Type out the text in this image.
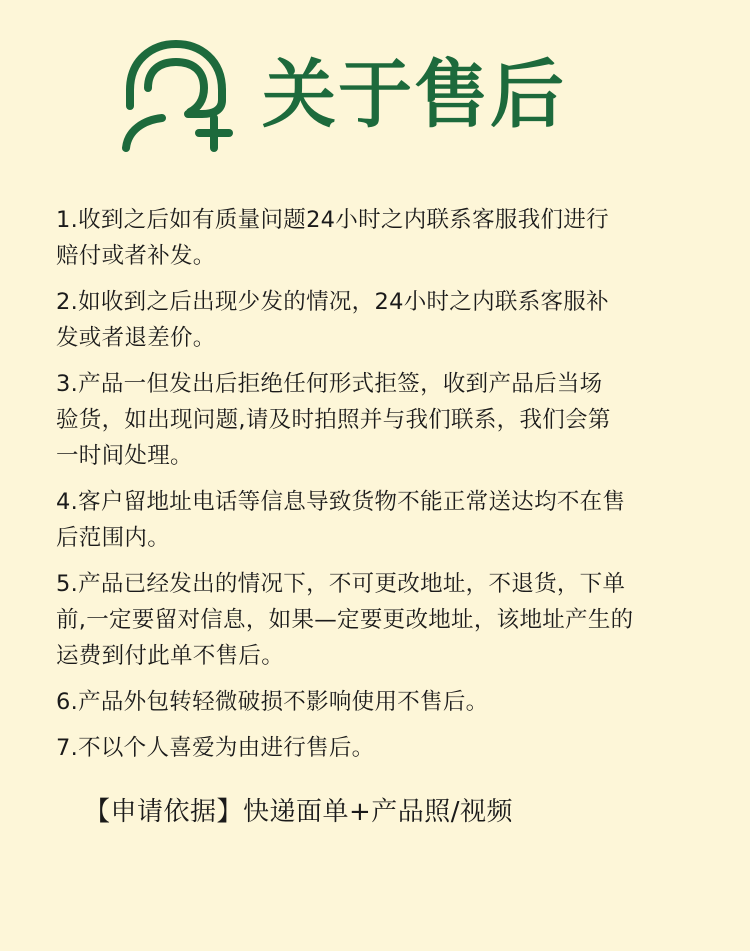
关于售后
1.收到之后如有质量问题24小时之内联系客服我们进行
赔付或者补发。
2.如收到之后出现少发的情况，24小时之内联系客服补
发或者退差价。
3.产品一但发出后拒绝任何形式拒签，收到产品后当场
验货，如出现问题,请及时拍照并与我们联系，我们会第
一时间处理。
4.客户留地址电话等信息导致货物不能正常送达均不在售
后范围内。
5.产品已经发出的情况下，不可更改地址，不退货，下单
前,一定要留对信息，如果—定要更改地址，该地址产生的
运费到付此单不售后。
6.产品外包转轻微破损不影响使用不售后。
7.不以个人喜爱为由进行售后。
【申请依据】快递面单+产品照/视频
